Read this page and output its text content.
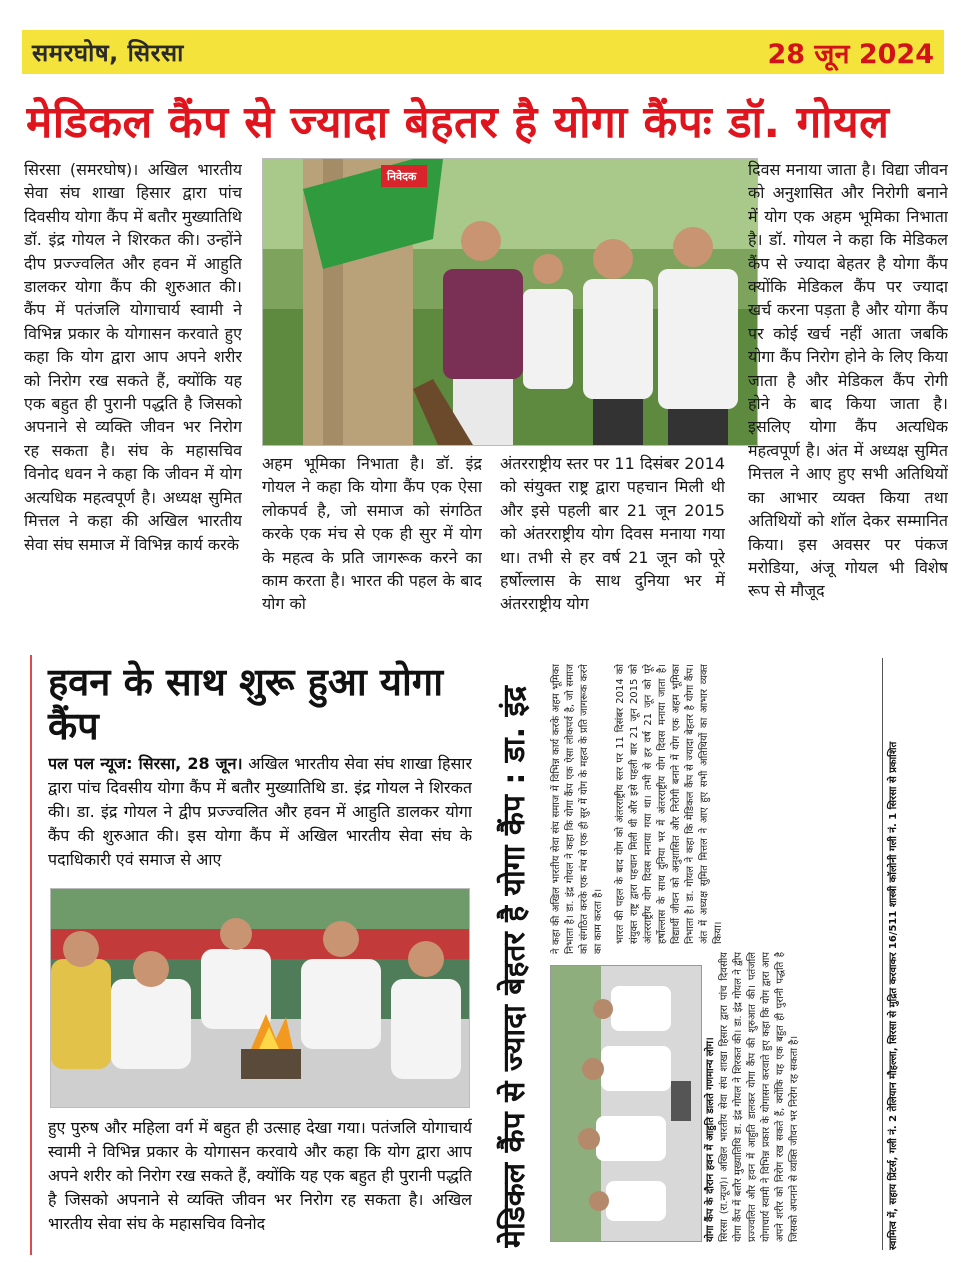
समरघोष, सिरसा	28 जून 2024
मेडिकल कैंप से ज्यादा बेहतर है योगा कैंपः डॉ. गोयल
सिरसा (समरघोष)। अखिल भारतीय सेवा संघ शाखा हिसार द्वारा पांच दिवसीय योगा कैंप में बतौर मुख्यातिथि डॉ. इंद्र गोयल ने शिरकत की। उन्होंने दीप प्रज्ज्वलित और हवन में आहुति डालकर योगा कैंप की शुरुआत की। कैंप में पतंजलि योगाचार्य स्वामी ने विभिन्न प्रकार के योगासन करवाते हुए कहा कि योग द्वारा आप अपने शरीर को निरोग रख सकते हैं, क्योंकि यह एक बहुत ही पुरानी पद्धति है जिसको अपनाने से व्यक्ति जीवन भर निरोग रह सकता है। संघ के महासचिव विनोद धवन ने कहा कि जीवन में योग अत्यधिक महत्वपूर्ण है। अध्यक्ष सुमित मित्तल ने कहा की अखिल भारतीय सेवा संघ समाज में विभिन्न कार्य करके
निवेदक
अहम भूमिका निभाता है। डॉ. इंद्र गोयल ने कहा कि योगा कैंप एक ऐसा लोकपर्व है, जो समाज को संगठित करके एक मंच से एक ही सुर में योग के महत्व के प्रति जागरूक करने का काम करता है। भारत की पहल के बाद योग को
अंतरराष्ट्रीय स्तर पर 11 दिसंबर 2014 को संयुक्त राष्ट्र द्वारा पहचान मिली थी और इसे पहली बार 21 जून 2015 को अंतरराष्ट्रीय योग दिवस मनाया गया था। तभी से हर वर्ष 21 जून को पूरे हर्षोल्लास के साथ दुनिया भर में अंतरराष्ट्रीय योग
दिवस मनाया जाता है। विद्या जीवन को अनुशासित और निरोगी बनाने में योग एक अहम भूमिका निभाता है। डॉ. गोयल ने कहा कि मेडिकल कैंप से ज्यादा बेहतर है योगा कैंप क्योंकि मेडिकल कैंप पर ज्यादा खर्च करना पड़ता है और योगा कैंप पर कोई खर्च नहीं आता जबकि योगा कैंप निरोग होने के लिए किया जाता है और मेडिकल कैंप रोगी होने के बाद किया जाता है। इसलिए योगा कैंप अत्यधिक महत्वपूर्ण है। अंत में अध्यक्ष सुमित मित्तल ने आए हुए सभी अतिथियों का आभार व्यक्त किया तथा अतिथियों को शॉल देकर सम्मानित किया। इस अवसर पर पंकज मरोडिया, अंजू गोयल भी विशेष रूप से मौजूद
हवन के साथ शुरू हुआ योगा कैंप
पल पल न्यूज: सिरसा, 28 जून। अखिल भारतीय सेवा संघ शाखा हिसार द्वारा पांच दिवसीय योगा कैंप में बतौर मुख्यातिथि डा. इंद्र गोयल ने शिरकत की। डा. इंद्र गोयल ने द्वीप प्रज्ज्वलित और हवन में आहुति डालकर योगा कैंप की शुरुआत की। इस योगा कैंप में अखिल भारतीय सेवा संघ के पदाधिकारी एवं समाज से आए
हुए पुरुष और महिला वर्ग में बहुत ही उत्साह देखा गया। पतंजलि योगाचार्य स्वामी ने विभिन्न प्रकार के योगासन करवाये और कहा कि योग द्वारा आप अपने शरीर को निरोग रख सकते हैं, क्योंकि यह एक बहुत ही पुरानी पद्धति है जिसको अपनाने से व्यक्ति जीवन भर निरोग रह सकता है। अखिल भारतीय सेवा संघ के महासचिव विनोद	मेडिकल कैंप से ज्यादा बेहतर है योगा कैंप : डा. इंद्र	योगा कैंप के दौरान हवन में आहुति डालते गणमान्य लोग।
ने कहा की अखिल भारतीय सेवा संघ समाज में विभिन्न कार्य करके अहम भूमिका निभाता है। डा. इंद्र गोयल ने कहा कि योगा कैंप एक ऐसा लोकपर्व है, जो समाज को संगठित करके एक मंच से एक ही सुर में योग के महत्व के प्रति जागरूक करने का काम करता है।
सिरसा (रा.न्यूज)। अखिल भारतीय सेवा संघ शाखा हिसार द्वारा पांच दिवसीय योगा कैंप में बतौर मुख्यातिथि डा. इंद्र गोयल ने शिरकत की। डा. इंद्र गोयल ने द्वीप प्रज्ज्वलित और हवन में आहुति डालकर योगा कैंप की शुरुआत की। पतंजलि योगाचार्य स्वामी ने विभिन्न प्रकार के योगासन करवाते हुए कहा कि योग द्वारा आप अपने शरीर को निरोग रख सकते हैं, क्योंकि यह एक बहुत ही पुरानी पद्धति है जिसको अपनाने से व्यक्ति जीवन भर निरोग रह सकता है।
भारत की पहल के बाद योग को अंतरराष्ट्रीय स्तर पर 11 दिसंबर 2014 को संयुक्त राष्ट्र द्वारा पहचान मिली थी और इसे पहली बार 21 जून 2015 को अंतरराष्ट्रीय योग दिवस मनाया गया था। तभी से हर वर्ष 21 जून को पूरे हर्षोल्लास के साथ दुनिया भर में अंतरराष्ट्रीय योग दिवस मनाया जाता है। विद्यार्थी जीवन को अनुशासित और निरोगी बनाने में योग एक अहम भूमिका निभाता है। डा. गोयल ने कहा कि मेडिकल कैंप से ज्यादा बेहतर है योगा कैंप। अंत में अध्यक्ष सुमित मित्तल ने आए हुए सभी अतिथियों का आभार व्यक्त किया।	स्वामित्व में, सहाय प्रिंटर्स, गली नं. 2 तेलियान मौहल्ला, सिरसा से मुद्रित करवाकर 16/511 शास्त्री कॉलोनी गली नं. 1 सिरसा से प्रकाशित
